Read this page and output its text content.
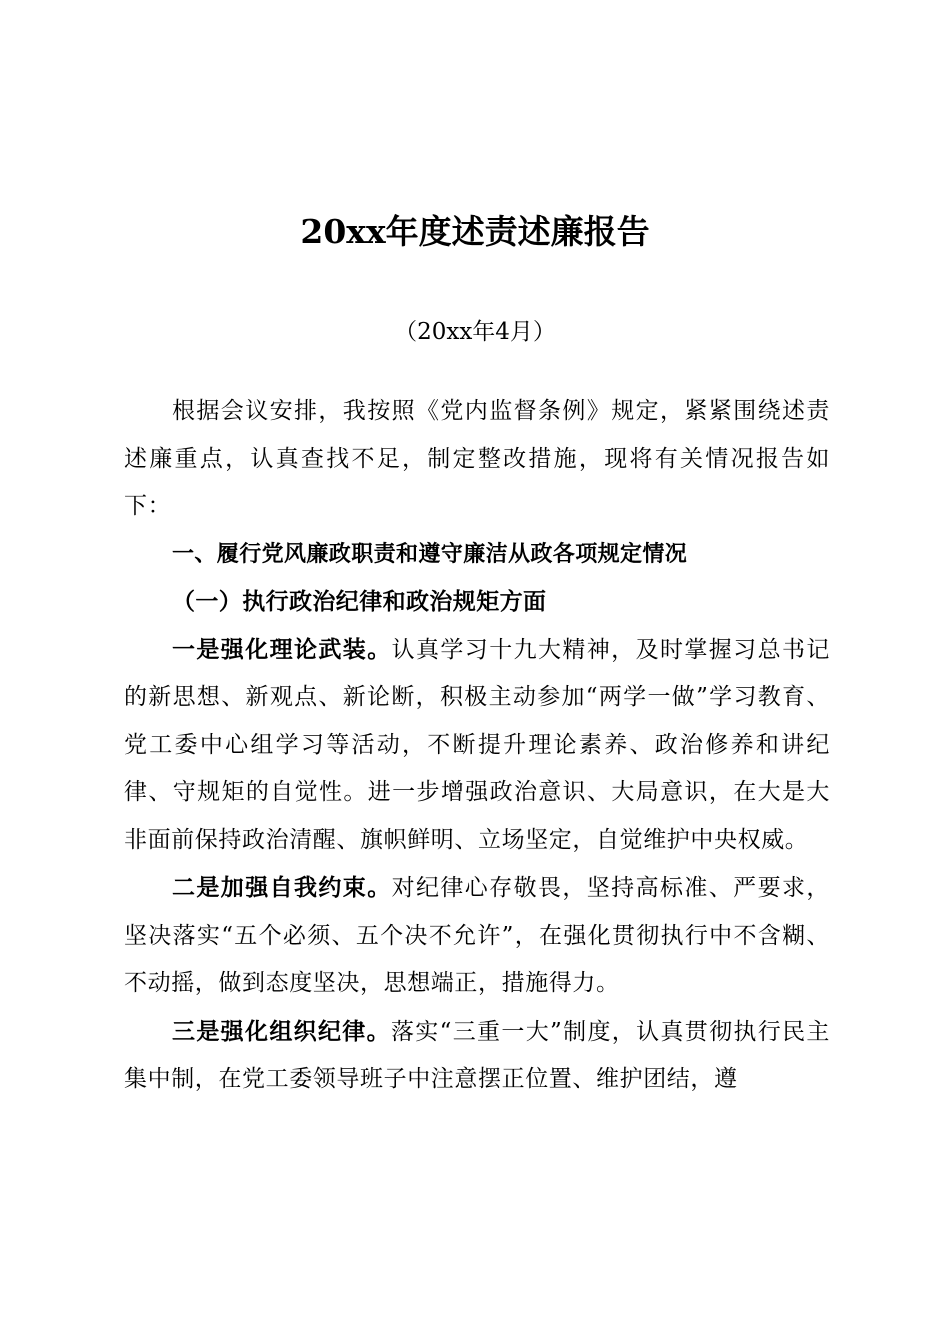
20xx年度述责述廉报告

（20xx年4月）

根据会议安排，我按照《党内监督条例》规定，紧紧围绕述责述廉重点，认真查找不足，制定整改措施，现将有关情况报告如下：

一、履行党风廉政职责和遵守廉洁从政各项规定情况

（一）执行政治纪律和政治规矩方面

一是强化理论武装。认真学习十九大精神，及时掌握习总书记的新思想、新观点、新论断，积极主动参加“两学一做”学习教育、党工委中心组学习等活动，不断提升理论素养、政治修养和讲纪律、守规矩的自觉性。进一步增强政治意识、大局意识，在大是大非面前保持政治清醒、旗帜鲜明、立场坚定，自觉维护中央权威。

二是加强自我约束。对纪律心存敬畏，坚持高标准、严要求，坚决落实“五个必须、五个决不允许”，在强化贯彻执行中不含糊、不动摇，做到态度坚决，思想端正，措施得力。

三是强化组织纪律。落实“三重一大”制度，认真贯彻执行民主集中制，在党工委领导班子中注意摆正位置、维护团结，遵
